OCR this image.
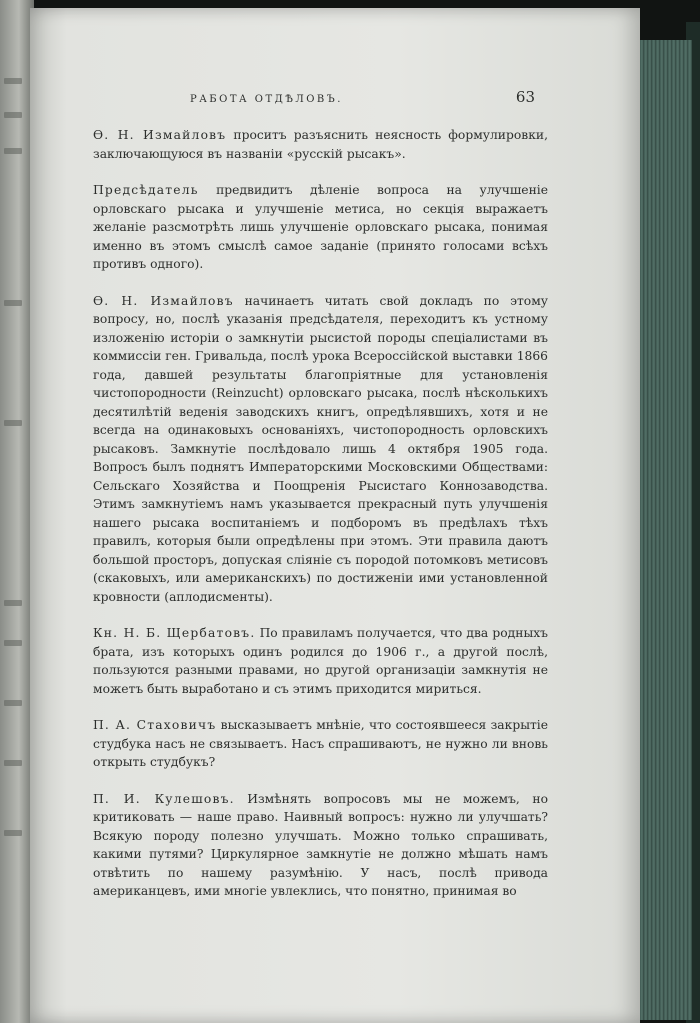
РАБОТА ОТДѢЛОВЪ.	63

Ѳ. Н. Измайловъ проситъ разъяснить неясность формулировки, заключающуюся въ названіи «русскій рысакъ».

Предсѣдатель предвидитъ дѣленіе вопроса на улучшеніе орловскаго рысака и улучшеніе метиса, но секція выражаетъ желаніе разсмотрѣть лишь улучшеніе орловскаго рысака, понимая именно въ этомъ смыслѣ самое заданіе (принято голосами всѣхъ противъ одного).

Ѳ. Н. Измайловъ начинаетъ читать свой докладъ по этому вопросу, но, послѣ указанія предсѣдателя, переходитъ къ устному изложенію исторіи о замкнутіи рысистой породы спеціалистами въ коммиссіи ген. Гривальда, послѣ урока Всероссійской выставки 1866 года, давшей результаты благопріятные для установленія чистопородности (Reinzucht) орловскаго рысака, послѣ нѣсколькихъ десятилѣтій веденія заводскихъ книгъ, опредѣлявшихъ, хотя и не всегда на одинаковыхъ основаніяхъ, чистопородность орловскихъ рысаковъ. Замкнутіе послѣдовало лишь 4 октября 1905 года. Вопросъ былъ поднятъ Императорскими Московскими Обществами: Сельскаго Хозяйства и Поощренія Рысистаго Коннозаводства. Этимъ замкнутіемъ намъ указывается прекрасный путь улучшенія нашего рысака воспитаніемъ и подборомъ въ предѣлахъ тѣхъ правилъ, которыя были опредѣлены при этомъ. Эти правила даютъ большой просторъ, допуская сліяніе съ породой потомковъ метисовъ (скаковыхъ, или американскихъ) по достиженіи ими установленной кровности (аплодисменты).

Кн. Н. Б. Щербатовъ. По правиламъ получается, что два родныхъ брата, изъ которыхъ одинъ родился до 1906 г., а другой послѣ, пользуются разными правами, но другой организаціи замкнутія не можетъ быть выработано и съ этимъ приходится мириться.

П. А. Стаховичъ высказываетъ мнѣніе, что состоявшееся закрытіе студбука насъ не связываетъ. Насъ спрашиваютъ, не нужно ли вновь открыть студбукъ?

П. И. Кулешовъ. Измѣнять вопросовъ мы не можемъ, но критиковать — наше право. Наивный вопросъ: нужно ли улучшать? Всякую породу полезно улучшать. Можно только спрашивать, какими путями? Циркулярное замкнутіе не должно мѣшать намъ отвѣтить по нашему разумѣнію. У насъ, послѣ привода американцевъ, ими многіе увлеклись, что понятно, принимая во
